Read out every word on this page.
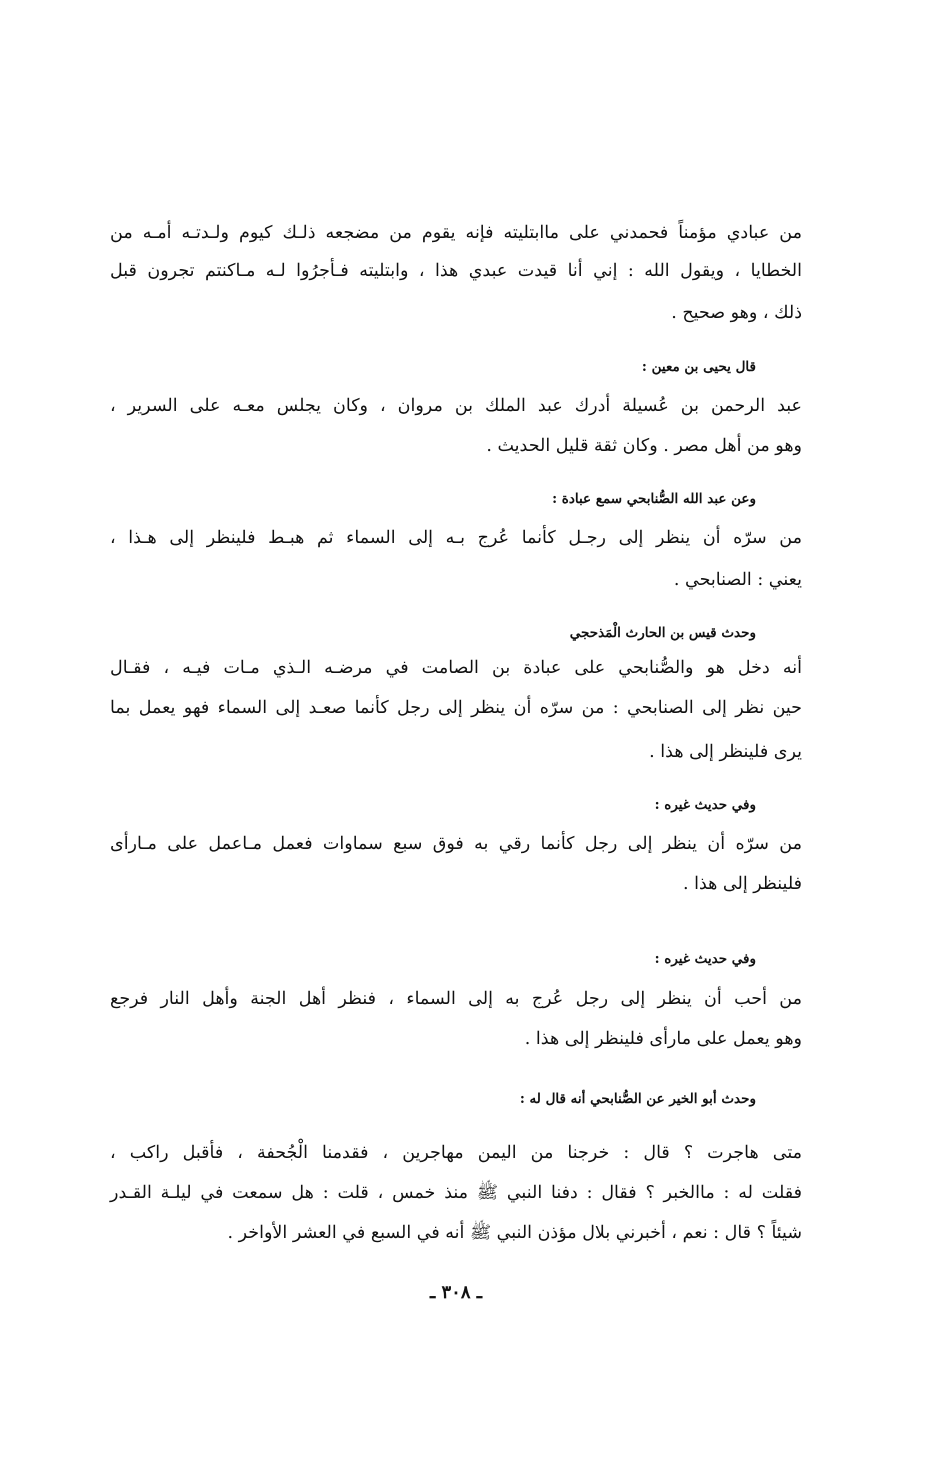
من عبادي مؤمناً فحمدني على ماابتليته فإنه يقوم من مضجعه ذلـك كيوم ولـدتـه أمـه من
الخطايا ، ويقول الله : إني أنا قيدت عبدي هذا ، وابتليته فـأجرُوا لـه مـاكنتم تجرون قبل
ذلك ، وهو صحيح .
قال يحيى بن معين :
عبد الرحمن بن عُسيلة أدرك عبد الملك بن مروان ، وكان يجلس معـه على السرير ،
وهو من أهل مصر . وكان ثقة قليل الحديث .
وعن عبد الله الصُّنابحي سمع عبادة :
من سرّه أن ينظر إلى رجـل كأنما عُرج بـه إلى السماء ثم هبـط فلينظر إلى هـذا ،
يعني : الصنابحي .
وحدث قيس بن الحارث الْمَذحجي
أنه دخل هو والصُّنابحي على عبادة بن الصامت في مرضـه الـذي مـات فيـه ، فقـال
حين نظر إلى الصنابحي : من سرّه أن ينظر إلى رجل كأنما صعـد إلى السماء فهو يعمل بما
يرى فلينظر إلى هذا .
وفي حديث غيره :
من سرّه أن ينظر إلى رجل كأنما رقي به فوق سبع سماوات فعمل مـاعمل على مـارأى
فلينظر إلى هذا .
وفي حديث غيره :
من أحب أن ينظر إلى رجل عُرج به إلى السماء ، فنظر أهل الجنة وأهل النار فرجع
وهو يعمل على مارأى فلينظر إلى هذا .
وحدث أبو الخير عن الصُّنابحي أنه قال له :
متى هاجرت ؟ قال : خرجنا من اليمن مهاجرين ، فقدمنا الْجُحفة ، فأقبل راكب ،
فقلت له : ماالخبر ؟ فقال : دفنا النبي ﷺ منذ خمس ، قلت : هل سمعت في ليلـة القـدر
شيئاً ؟ قال : نعم ، أخبرني بلال مؤذن النبي ﷺ أنه في السبع في العشر الأواخر .
ـ ٣٠٨ ـ
